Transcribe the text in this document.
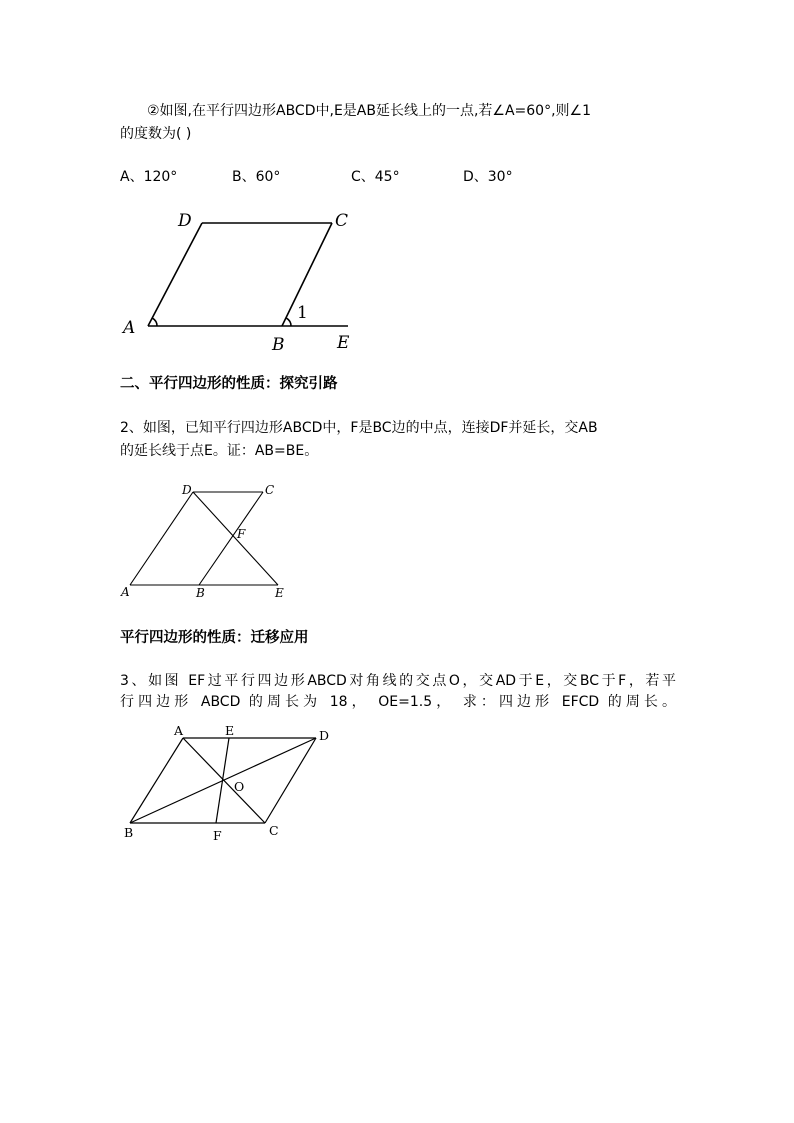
②如图,在平行四边形ABCD中,E是AB延长线上的一点,若∠A=60°,则∠1
的度数为( )
A、120°	B、60°	C、45°	D、30°
A
D	C
B	E
1
二、平行四边形的性质：探究引路
2、如图，已知平行四边形ABCD中，F是BC边的中点，连接DF并延长，交AB
的延长线于点E。证：AB=BE。
A
D	C
B	E
F
平行四边形的性质：迁移应用
3、如图 EF过平行四边形ABCD对角线的交点O，交AD于E，交BC于F，若平
行四边形 ABCD 的周长为 18， OE=1.5， 求：四边形 EFCD 的周长。
A	E	D
O
B	F	C
